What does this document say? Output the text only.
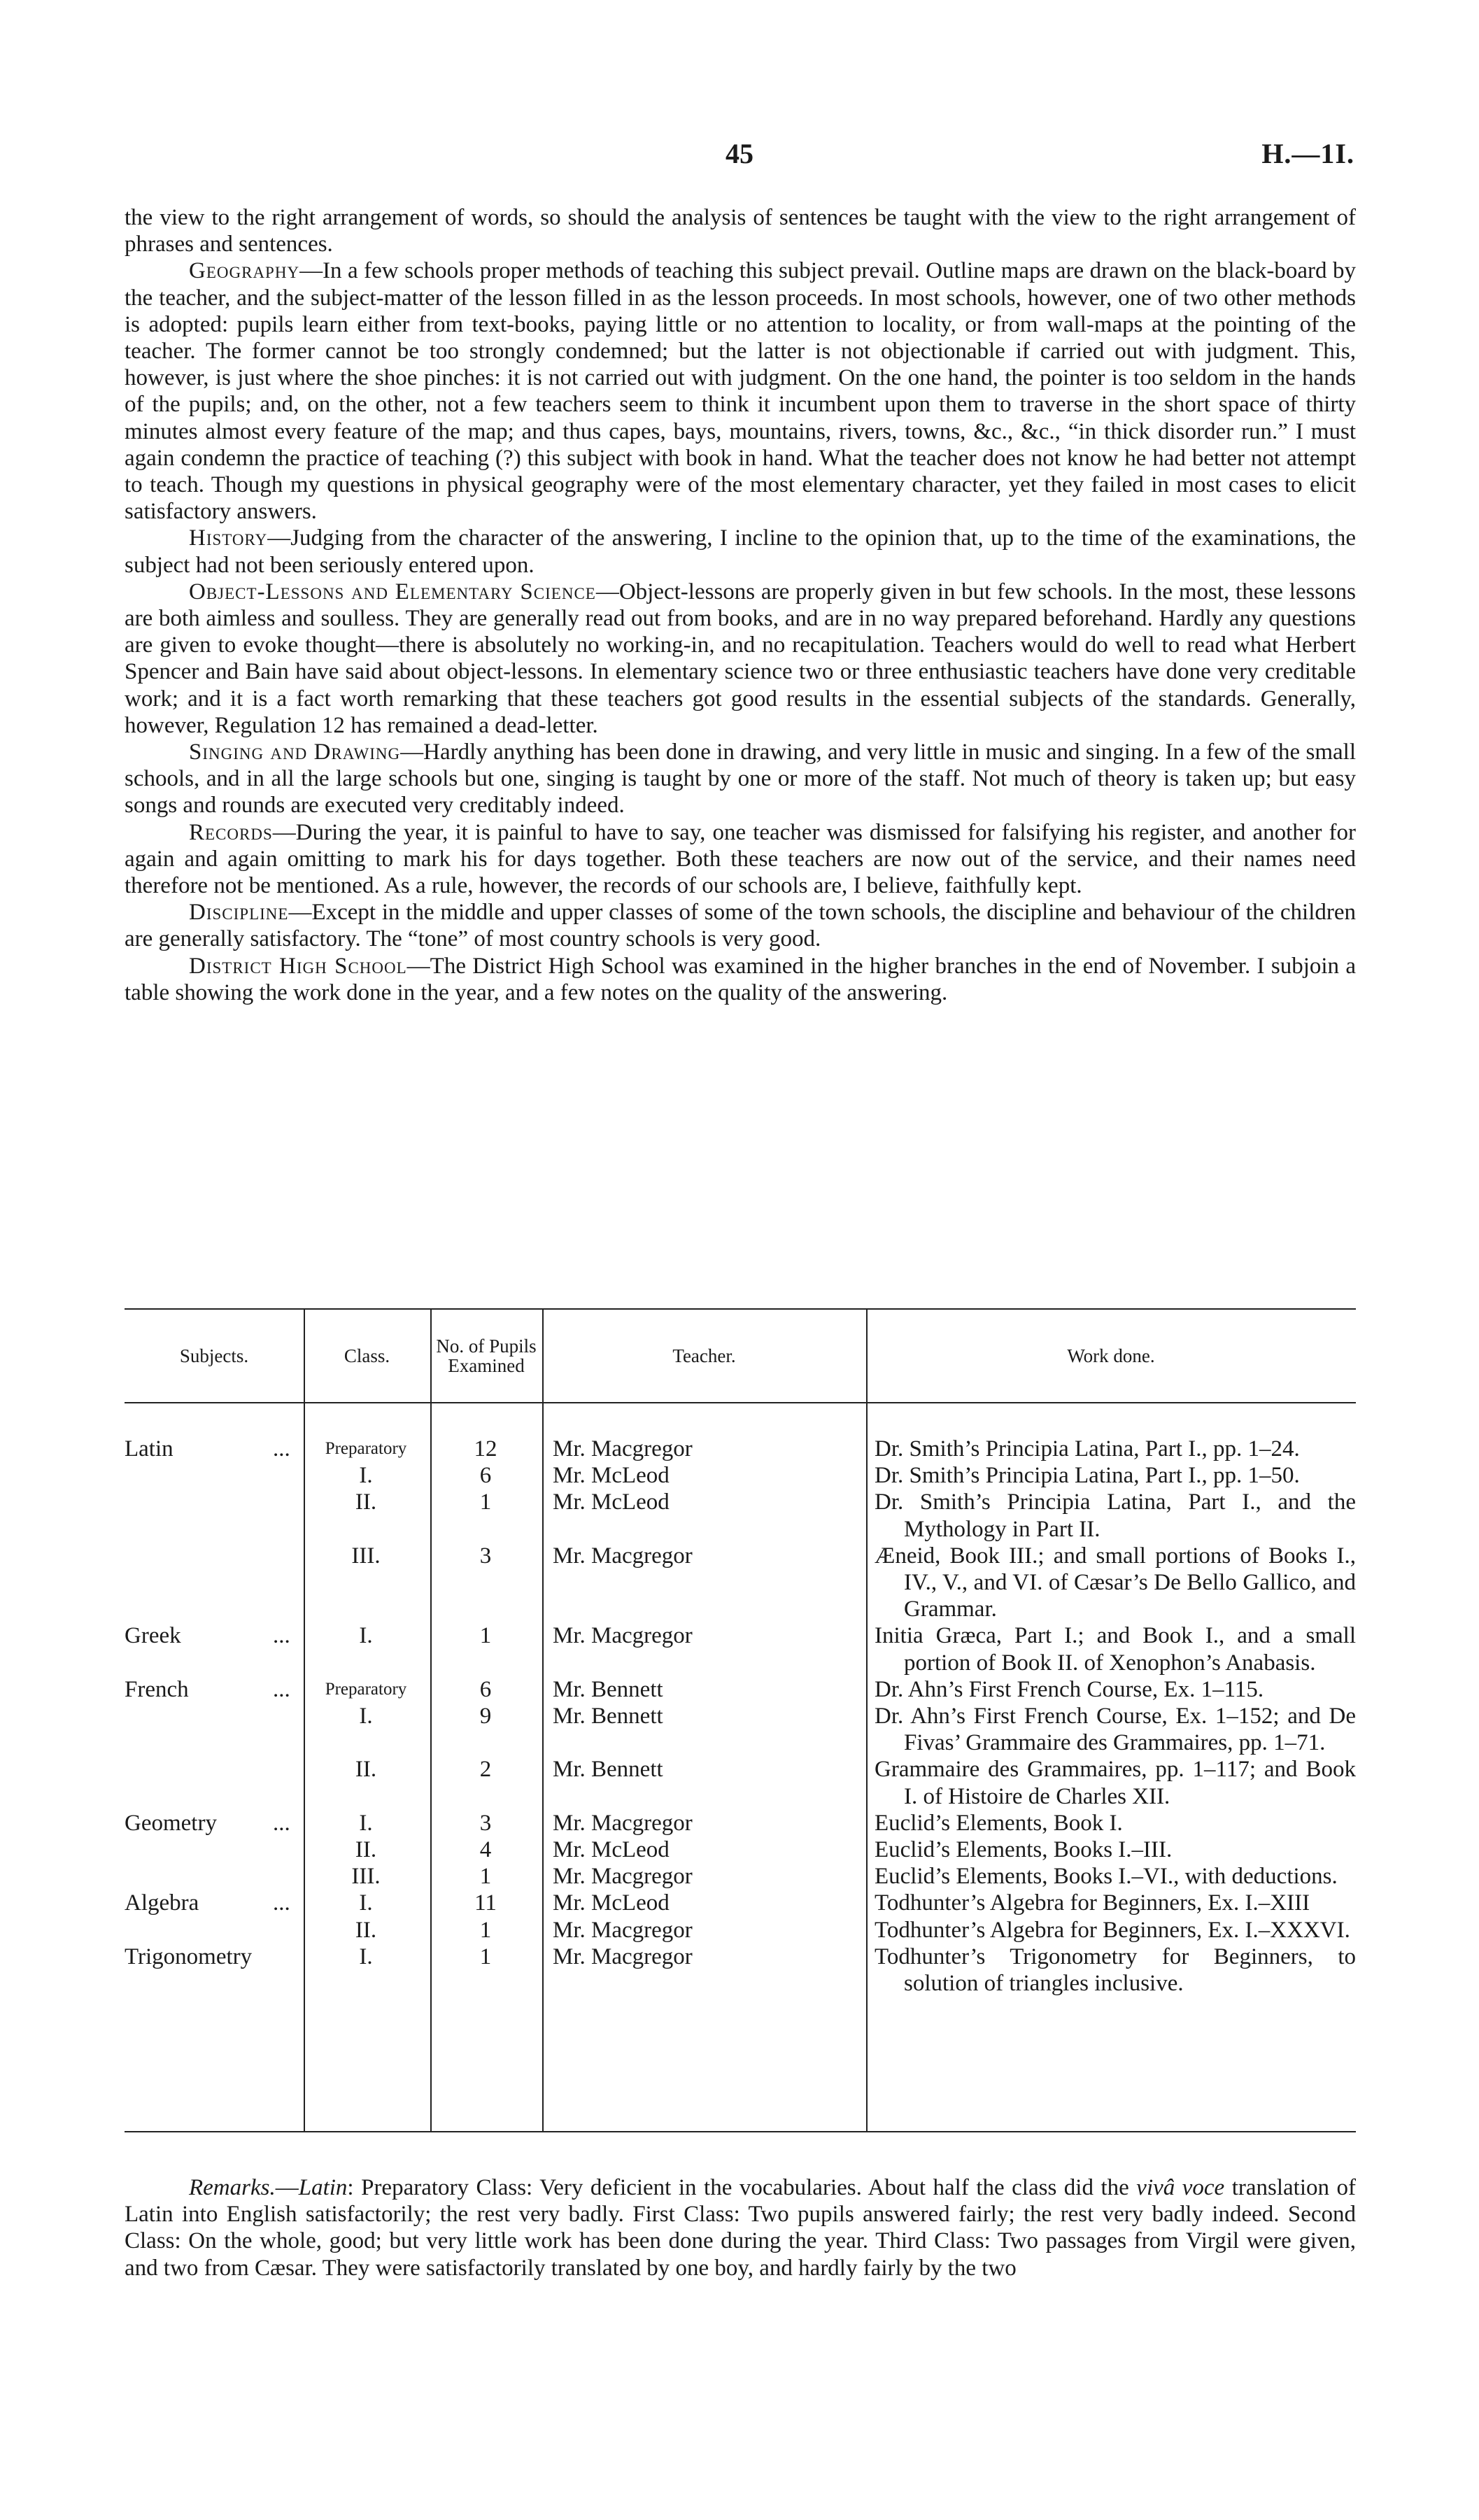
45	H.—1I.

the view to the right arrangement of words, so should the analysis of sentences be taught with the view to the right arrangement of phrases and sentences.

Geography—In a few schools proper methods of teaching this subject prevail. Outline maps are drawn on the black-board by the teacher, and the subject-matter of the lesson filled in as the lesson proceeds. In most schools, however, one of two other methods is adopted: pupils learn either from text-books, paying little or no attention to locality, or from wall-maps at the pointing of the teacher. The former cannot be too strongly condemned; but the latter is not objectionable if carried out with judgment. This, however, is just where the shoe pinches: it is not carried out with judgment. On the one hand, the pointer is too seldom in the hands of the pupils; and, on the other, not a few teachers seem to think it incumbent upon them to traverse in the short space of thirty minutes almost every feature of the map; and thus capes, bays, mountains, rivers, towns, &c., &c., “in thick disorder run.” I must again condemn the practice of teaching (?) this subject with book in hand. What the teacher does not know he had better not attempt to teach. Though my questions in physical geography were of the most elementary character, yet they failed in most cases to elicit satisfactory answers.

History—Judging from the character of the answering, I incline to the opinion that, up to the time of the examinations, the subject had not been seriously entered upon.

Object-Lessons and Elementary Science—Object-lessons are properly given in but few schools. In the most, these lessons are both aimless and soulless. They are generally read out from books, and are in no way prepared beforehand. Hardly any questions are given to evoke thought—there is absolutely no working-in, and no recapitulation. Teachers would do well to read what Herbert Spencer and Bain have said about object-lessons. In elementary science two or three enthusiastic teachers have done very creditable work; and it is a fact worth remarking that these teachers got good results in the essential subjects of the standards. Generally, however, Regulation 12 has remained a dead-letter.

Singing and Drawing—Hardly anything has been done in drawing, and very little in music and singing. In a few of the small schools, and in all the large schools but one, singing is taught by one or more of the staff. Not much of theory is taken up; but easy songs and rounds are executed very creditably indeed.

Records—During the year, it is painful to have to say, one teacher was dismissed for falsifying his register, and another for again and again omitting to mark his for days together. Both these teachers are now out of the service, and their names need therefore not be mentioned. As a rule, however, the records of our schools are, I believe, faithfully kept.

Discipline—Except in the middle and upper classes of some of the town schools, the discipline and behaviour of the children are generally satisfactory. The “tone” of most country schools is very good.

District High School—The District High School was examined in the higher branches in the end of November. I subjoin a table showing the work done in the year, and a few notes on the quality of the answering.

Subjects.	Class.	No. of Pupils Examined	Teacher.	Work done.
Latin	...	Preparatory	12	Mr. Macgregor	Dr. Smith’s Principia Latina, Part I., pp. 1–24.
I.	6	Mr. McLeod	Dr. Smith’s Principia Latina, Part I., pp. 1–50.
II.	1	Mr. McLeod	Dr. Smith’s Principia Latina, Part I., and the Mythology in Part II.
III.	3	Mr. Macgregor	Æneid, Book III.; and small portions of Books I., IV., V., and VI. of Cæsar’s De Bello Gallico, and Grammar.
Greek	...	I.	1	Mr. Macgregor	Initia Græca, Part I.; and Book I., and a small portion of Book II. of Xenophon’s Anabasis.
French	...	Preparatory	6	Mr. Bennett	Dr. Ahn’s First French Course, Ex. 1–115.
I.	9	Mr. Bennett	Dr. Ahn’s First French Course, Ex. 1–152; and De Fivas’ Grammaire des Grammaires, pp. 1–71.
II.	2	Mr. Bennett	Grammaire des Grammaires, pp. 1–117; and Book I. of Histoire de Charles XII.
Geometry ...	I.	3	Mr. Macgregor	Euclid’s Elements, Book I.
II.	4	Mr. McLeod	Euclid’s Elements, Books I.–III.
III.	1	Mr. Macgregor	Euclid’s Elements, Books I.–VI., with deductions.
Algebra	...	I.	11	Mr. McLeod	Todhunter’s Algebra for Beginners, Ex. I.–XIII
II.	1	Mr. Macgregor	Todhunter’s Algebra for Beginners, Ex. I.–XXXVI.
Trigonometry	I.	1	Mr. Macgregor	Todhunter’s Trigonometry for Beginners, to solution of triangles inclusive.

Remarks.—Latin: Preparatory Class: Very deficient in the vocabularies. About half the class did the vivâ voce translation of Latin into English satisfactorily; the rest very badly. First Class: Two pupils answered fairly; the rest very badly indeed. Second Class: On the whole, good; but very little work has been done during the year. Third Class: Two passages from Virgil were given, and two from Cæsar. They were satisfactorily translated by one boy, and hardly fairly by the two
